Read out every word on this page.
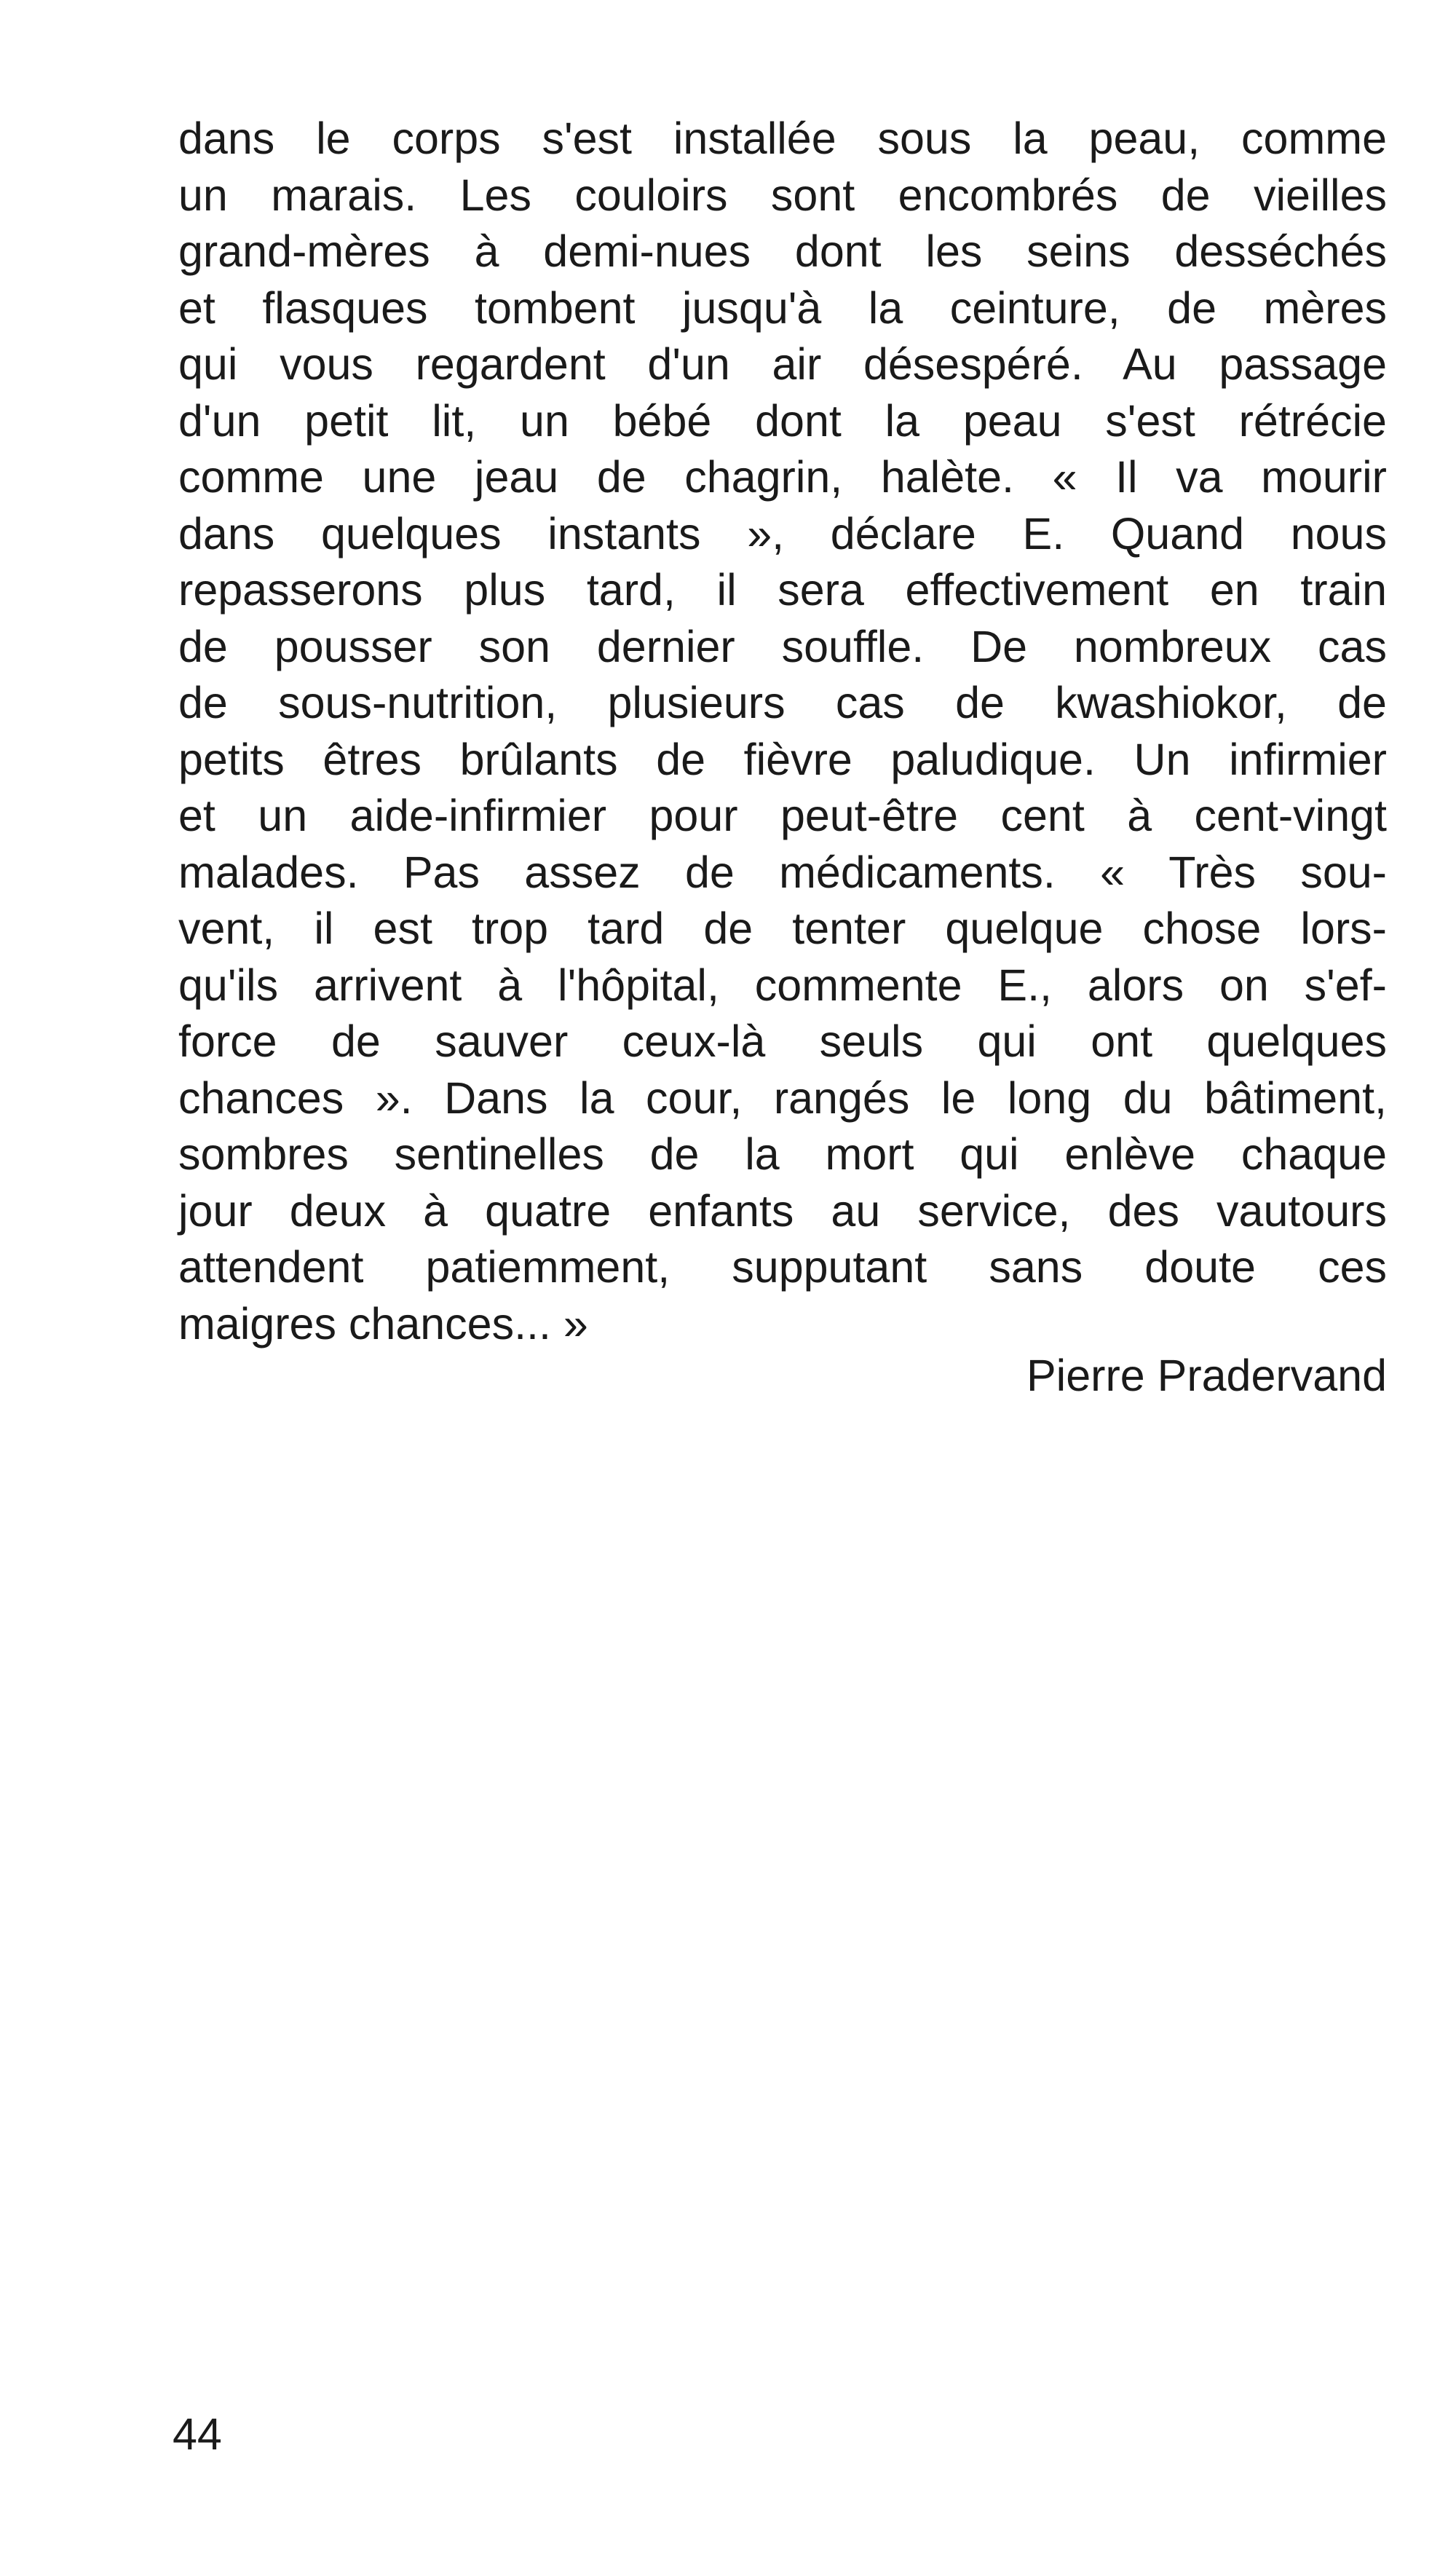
dans le corps s'est installée sous la peau, comme
un marais. Les couloirs sont encombrés de vieilles
grand-mères à demi-nues dont les seins desséchés
et flasques tombent jusqu'à la ceinture, de mères
qui vous regardent d'un air désespéré. Au passage
d'un petit lit, un bébé dont la peau s'est rétrécie
comme une jeau de chagrin, halète. « Il va mourir
dans quelques instants », déclare E. Quand nous
repasserons plus tard, il sera effectivement en train
de pousser son dernier souffle. De nombreux cas
de sous-nutrition, plusieurs cas de kwashiokor, de
petits êtres brûlants de fièvre paludique. Un infirmier
et un aide-infirmier pour peut-être cent à cent-vingt
malades. Pas assez de médicaments. « Très sou-
vent, il est trop tard de tenter quelque chose lors-
qu'ils arrivent à l'hôpital, commente E., alors on s'ef-
force de sauver ceux-là seuls qui ont quelques
chances ». Dans la cour, rangés le long du bâtiment,
sombres sentinelles de la mort qui enlève chaque
jour deux à quatre enfants au service, des vautours
attendent patiemment, supputant sans doute ces
maigres chances... »
Pierre Pradervand
44
